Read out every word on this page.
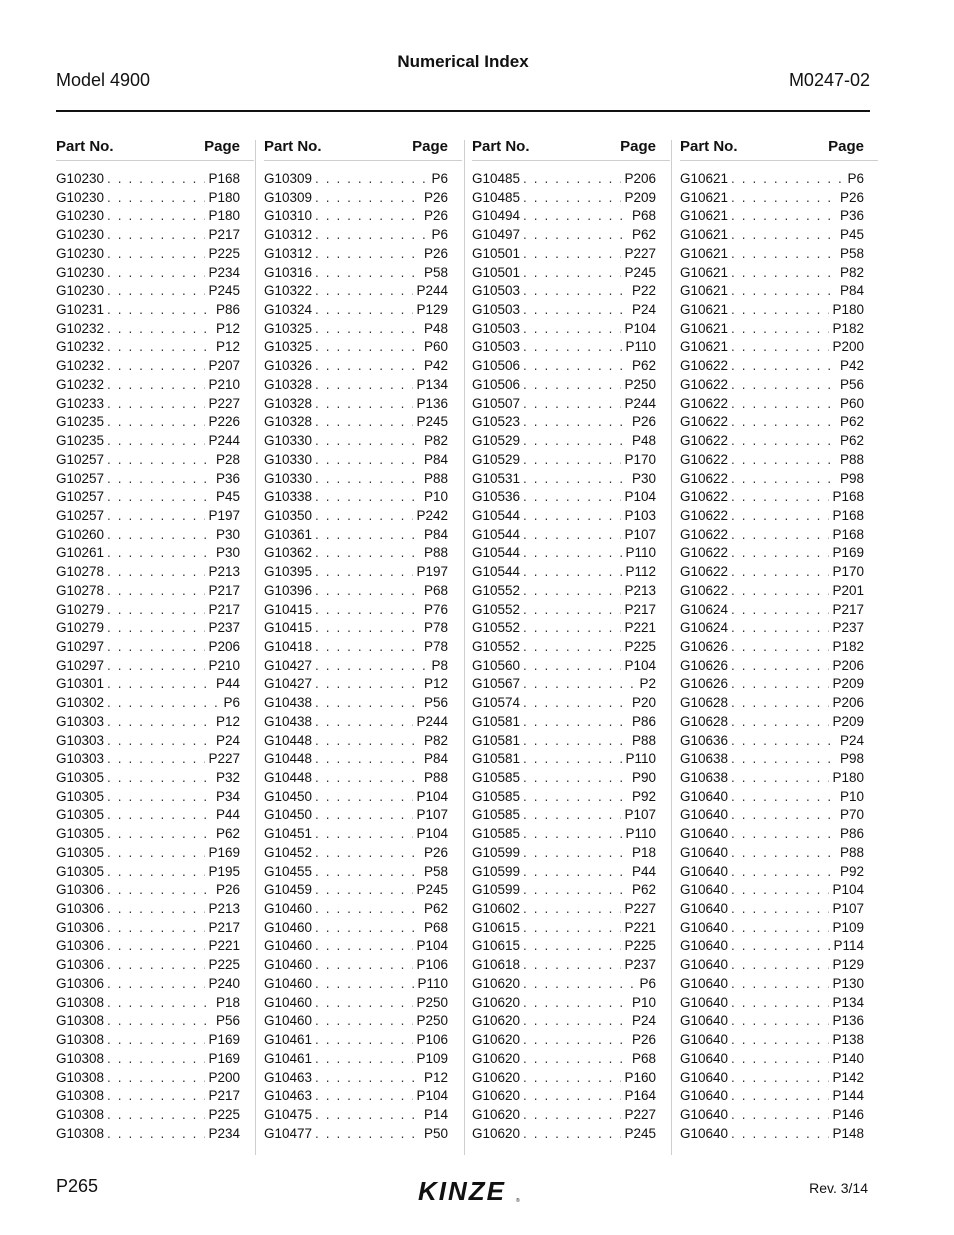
Numerical Index
Model 4900	M0247-02
Part No.	Page
G10230 . . .	P168
G10230 . . .	P180
G10230 . . .	P180
G10230 . . .	P217
G10230 . . .	P225
G10230 . . .	P234
G10230 . . .	P245
G10231 . . .	P86
G10232 . . .	P12
G10232 . . .	P12
G10232 . . .	P207
G10232 . . .	P210
G10233 . . .	P227
G10235 . . .	P226
G10235 . . .	P244
G10257 . . .	P28
G10257 . . .	P36
G10257 . . .	P45
G10257 . . .	P197
G10260 . . .	P30
G10261 . . .	P30
G10278 . . .	P213
G10278 . . .	P217
G10279 . . .	P217
G10279 . . .	P237
G10297 . . .	P206
G10297 . . .	P210
G10301 . . .	P44
G10302 . . .	P6
G10303 . . .	P12
G10303 . . .	P24
G10303 . . .	P227
G10305 . . .	P32
G10305 . . .	P34
G10305 . . .	P44
G10305 . . .	P62
G10305 . . .	P169
G10305 . . .	P195
G10306 . . .	P26
G10306 . . .	P213
G10306 . . .	P217
G10306 . . .	P221
G10306 . . .	P225
G10306 . . .	P240
G10308 . . .	P18
G10308 . . .	P56
G10308 . . .	P169
G10308 . . .	P169
G10308 . . .	P200
G10308 . . .	P217
G10308 . . .	P225
G10308 . . .	P234
Part No.	Page
G10309 . . .	P6
G10309 . . .	P26
G10310 . . .	P26
G10312 . . .	P6
G10312 . . .	P26
G10316 . . .	P58
G10322 . . .	P244
G10324 . . .	P129
G10325 . . .	P48
G10325 . . .	P60
G10326 . . .	P42
G10328 . . .	P134
G10328 . . .	P136
G10328 . . .	P245
G10330 . . .	P82
G10330 . . .	P84
G10330 . . .	P88
G10338 . . .	P10
G10350 . . .	P242
G10361 . . .	P84
G10362 . . .	P88
G10395 . . .	P197
G10396 . . .	P68
G10415 . . .	P76
G10415 . . .	P78
G10418 . . .	P78
G10427 . . .	P8
G10427 . . .	P12
G10438 . . .	P56
G10438 . . .	P244
G10448 . . .	P82
G10448 . . .	P84
G10448 . . .	P88
G10450 . . .	P104
G10450 . . .	P107
G10451 . . .	P104
G10452 . . .	P26
G10455 . . .	P58
G10459 . . .	P245
G10460 . . .	P62
G10460 . . .	P68
G10460 . . .	P104
G10460 . . .	P106
G10460 . . .	P110
G10460 . . .	P250
G10460 . . .	P250
G10461 . . .	P106
G10461 . . .	P109
G10463 . . .	P12
G10463 . . .	P104
G10475 . . .	P14
G10477 . . .	P50
Part No.	Page
G10485 . . .	P206
G10485 . . .	P209
G10494 . . .	P68
G10497 . . .	P62
G10501 . . .	P227
G10501 . . .	P245
G10503 . . .	P22
G10503 . . .	P24
G10503 . . .	P104
G10503 . . .	P110
G10506 . . .	P62
G10506 . . .	P250
G10507 . . .	P244
G10523 . . .	P26
G10529 . . .	P48
G10529 . . .	P170
G10531 . . .	P30
G10536 . . .	P104
G10544 . . .	P103
G10544 . . .	P107
G10544 . . .	P110
G10544 . . .	P112
G10552 . . .	P213
G10552 . . .	P217
G10552 . . .	P221
G10552 . . .	P225
G10560 . . .	P104
G10567 . . .	P2
G10574 . . .	P20
G10581 . . .	P86
G10581 . . .	P88
G10581 . . .	P110
G10585 . . .	P90
G10585 . . .	P92
G10585 . . .	P107
G10585 . . .	P110
G10599 . . .	P18
G10599 . . .	P44
G10599 . . .	P62
G10602 . . .	P227
G10615 . . .	P221
G10615 . . .	P225
G10618 . . .	P237
G10620 . . .	P6
G10620 . . .	P10
G10620 . . .	P24
G10620 . . .	P26
G10620 . . .	P68
G10620 . . .	P160
G10620 . . .	P164
G10620 . . .	P227
G10620 . . .	P245
Part No.	Page
G10621 . . .	P6
G10621 . . .	P26
G10621 . . .	P36
G10621 . . .	P45
G10621 . . .	P58
G10621 . . .	P82
G10621 . . .	P84
G10621 . . .	P180
G10621 . . .	P182
G10621 . . .	P200
G10622 . . .	P42
G10622 . . .	P56
G10622 . . .	P60
G10622 . . .	P62
G10622 . . .	P62
G10622 . . .	P88
G10622 . . .	P98
G10622 . . .	P168
G10622 . . .	P168
G10622 . . .	P168
G10622 . . .	P169
G10622 . . .	P170
G10622 . . .	P201
G10624 . . .	P217
G10624 . . .	P237
G10626 . . .	P182
G10626 . . .	P206
G10626 . . .	P209
G10628 . . .	P206
G10628 . . .	P209
G10636 . . .	P24
G10638 . . .	P98
G10638 . . .	P180
G10640 . . .	P10
G10640 . . .	P70
G10640 . . .	P86
G10640 . . .	P88
G10640 . . .	P92
G10640 . . .	P104
G10640 . . .	P107
G10640 . . .	P109
G10640 . . .	P114
G10640 . . .	P129
G10640 . . .	P130
G10640 . . .	P134
G10640 . . .	P136
G10640 . . .	P138
G10640 . . .	P140
G10640 . . .	P142
G10640 . . .	P144
G10640 . . .	P146
G10640 . . .	P148
P265	KINZE ®
Rev. 3/14
